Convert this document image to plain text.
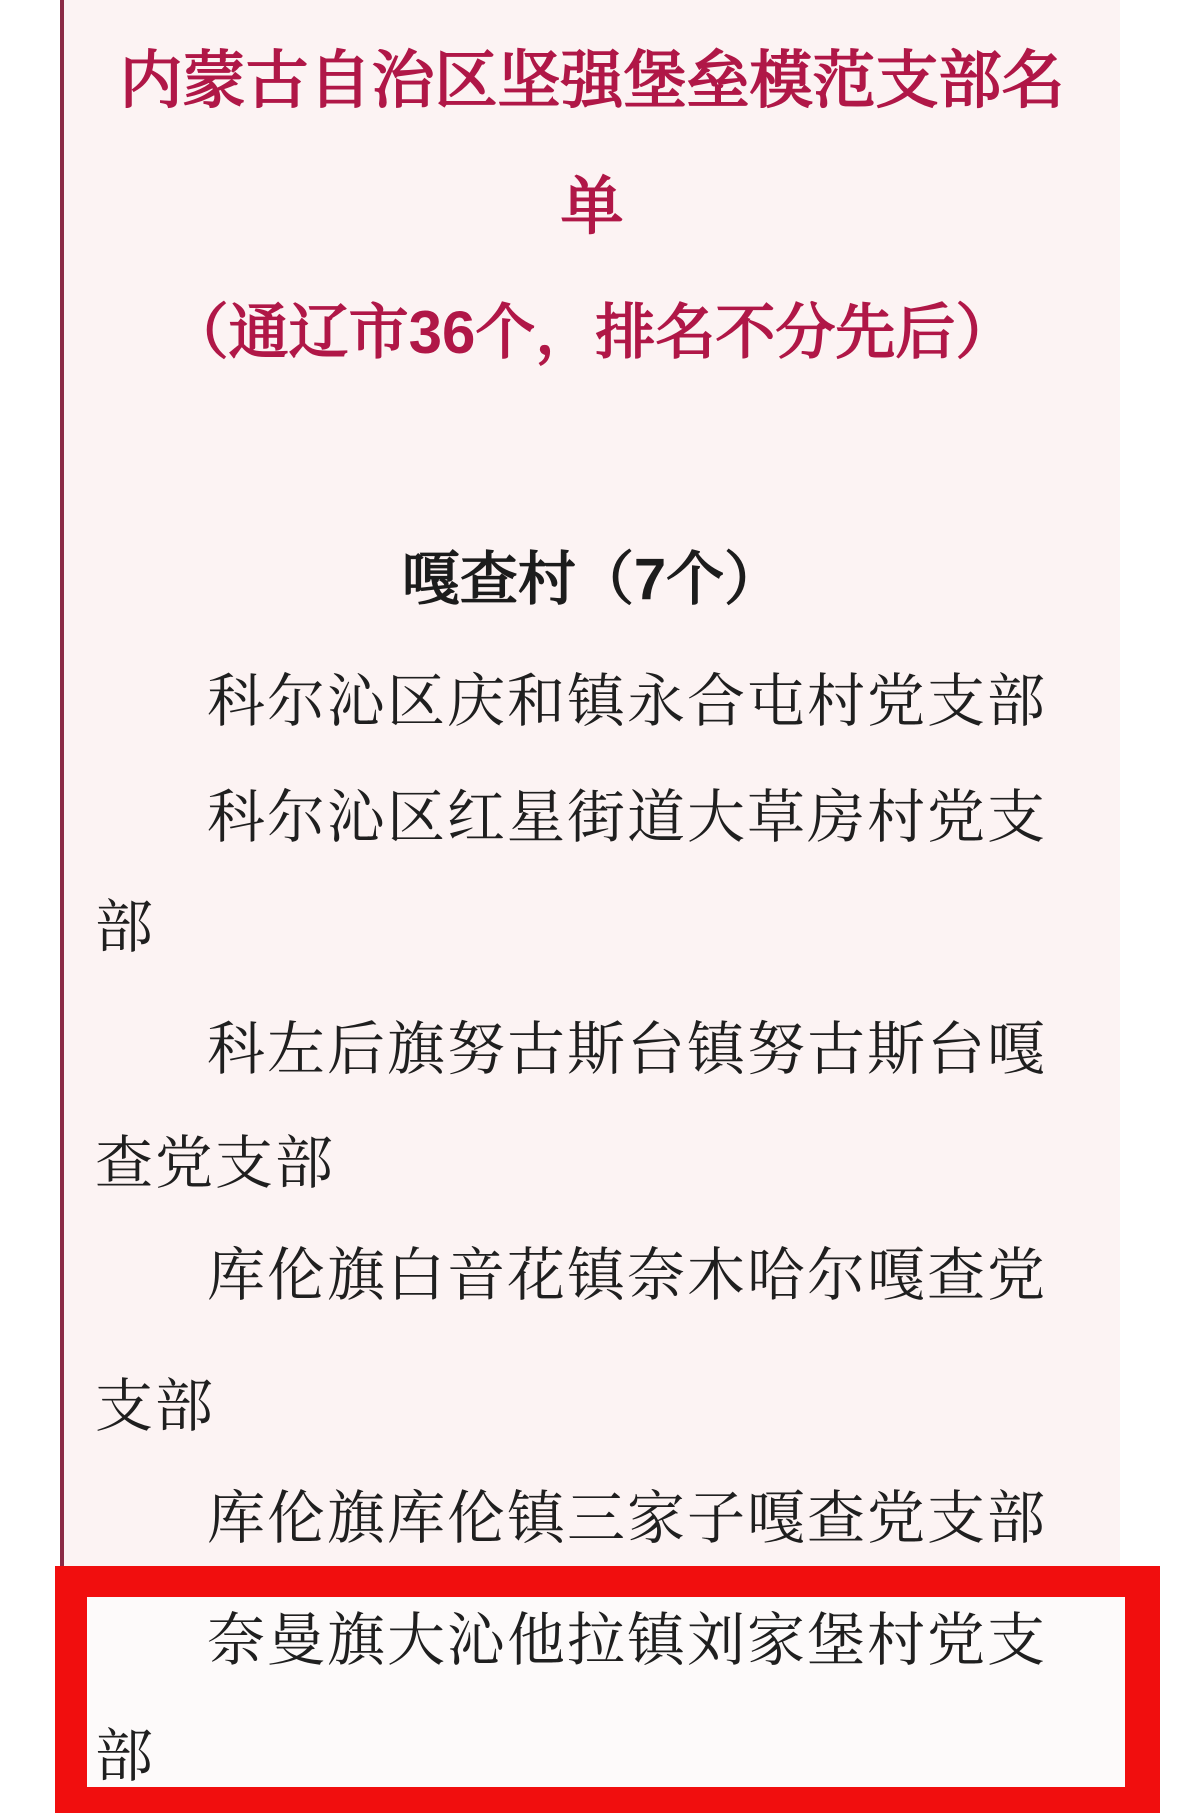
内蒙古自治区坚强堡垒模范支部名
单
（通辽市36个，排名不分先后）
嘎查村（7个）
科尔沁区庆和镇永合屯村党支部
科尔沁区红星街道大草房村党支
部
科左后旗努古斯台镇努古斯台嘎
查党支部
库伦旗白音花镇奈木哈尔嘎查党
支部
库伦旗库伦镇三家子嘎查党支部
奈曼旗大沁他拉镇刘家堡村党支
部
